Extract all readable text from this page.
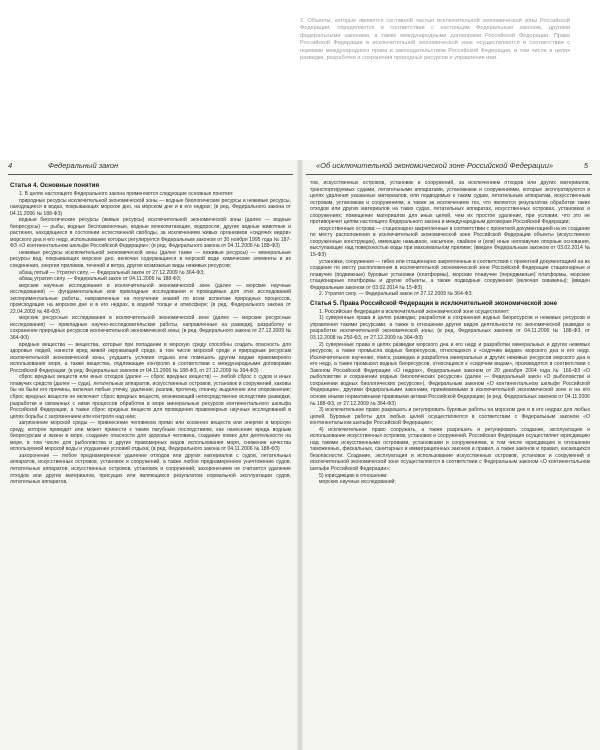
2. Объекты, которые являются составной частью исключительной экономической зоны Российской Федерации, определяются в соответствии с настоящим Федеральным законом, другими федеральными законами, а также международными договорами Российской Федерации. Права Российской Федерации в исключительной экономической зоне осуществляются в соответствии с нормами международного права и законодательством Российской Федерации, в том числе в целях разведки, разработки и сохранения природных ресурсов и управления ими.
4	Федеральный закон
Статья 4. Основные понятия

1. В целях настоящего Федерального закона применяются следующие основные понятия:

природные ресурсы исключительной экономической зоны — водные биологические ресурсы и неживые ресурсы, находящиеся в водах, покрывающих морское дно, на морском дне и в его недрах; (в ред. Федерального закона от 04.11.2006 № 188-ФЗ)

водные биологические ресурсы (живые ресурсы) исключительной экономической зоны (далее — водные биоресурсы) — рыбы, водные беспозвоночные, водные млекопитающие, водоросли, другие водные животные и растения, находящиеся в состоянии естественной свободы, за исключением живых организмов «сидячих видов» морского дна и его недр, использование которых регулируется Федеральным законом от 30 ноября 1995 года № 187-ФЗ «О континентальном шельфе Российской Федерации»; (в ред. Федерального закона от 04.11.2006 № 188-ФЗ)

неживые ресурсы исключительной экономической зоны (далее также — неживые ресурсы) — минеральные ресурсы вод, покрывающих морское дно, включая содержащиеся в морской воде химические элементы и их соединения, энергия приливов, течений и ветра, другие возможные виды неживых ресурсов;

абзац пятый — Утратил силу. — Федеральный закон от 27.12.2009 № 364-ФЗ;

абзац утратил силу. — Федеральный закон от 04.11.2006 № 188-ФЗ;

морские научные исследования в исключительной экономической зоне (далее — морские научные исследования) — фундаментальные или прикладные исследования и проводимые для этих исследований экспериментальные работы, направленные на получение знаний по всем аспектам природных процессов, происходящих на морском дне и в его недрах, в водной толще и атмосфере; (в ред. Федерального закона от 22.04.2003 № 48-ФЗ)

морские ресурсные исследования в исключительной экономической зоне (далее — морские ресурсные исследования) — прикладные научно-исследовательские работы, направленные на разведку, разработку и сохранение природных ресурсов исключительной экономической зоны; (в ред. Федерального закона от 27.12.2009 № 364-ФЗ)

вредные вещества — вещества, которые при попадании в морскую среду способны создать опасность для здоровья людей, нанести вред живой окружающей среде, в том числе морской среде и природным ресурсам исключительной экономической зоны, ухудшить условия отдыха или помешать другим видам правомерного использования моря, а также вещества, подлежащие контролю в соответствии с международными договорами Российской Федерации; (в ред. Федеральных законов от 04.11.2006 № 188-ФЗ, от 27.12.2009 № 364-ФЗ)

сброс вредных веществ или иных отходов (далее — сброс вредных веществ) — любой сброс с судов и иных плавучих средств (далее — суда), летательных аппаратов, искусственных островов, установок и сооружений, каковы бы ни были его причины, включая любые утечку, удаление, разлив, протечку, откачку, выделение или опорожнение; сброс вредных веществ не включает сброс вредных веществ, возникающий непосредственно вследствие разведки, разработки и связанных с ними процессов обработки в море минеральных ресурсов континентального шельфа Российской Федерации, а также сброс вредных веществ для проведения правомерных научных исследований в целях борьбы с загрязнением или контроля над ним;

загрязнение морской среды — привнесение человеком прямо или косвенно веществ или энергии в морскую среду, которое приводит или может привести к таким пагубным последствиям, как нанесение вреда водным биоресурсам и жизни в море, создание опасности для здоровья человека, создание помех для деятельности на море, в том числе для рыболовства и других правомерных видов использования моря, снижение качества используемой морской воды и ухудшение условий отдыха; (в ред. Федерального закона от 04.11.2006 № 188-ФЗ)

захоронение — любое преднамеренное удаление отходов или других материалов с судов, летательных аппаратов, искусственных островов, установок и сооружений, а также любое преднамеренное уничтожение судов, летательных аппаратов, искусственных островов, установок и сооружений; захоронением не считается удаление отходов или других материалов, присущих или являющихся результатом нормальной эксплуатации судов, летательных аппаратов,

«Об исключительной экономической зоне Российской Федерации»	5

тов, искусственных островов, установок и сооружений, за исключением отходов или других материалов, транспортируемых судами, летательными аппаратами, установками и сооружениями, которые эксплуатируются в целях удаления указанных материалов, или подводимых к таким судам, летательным аппаратам, искусственным островам, установкам и сооружениям, а также за исключением тех, что являются результатом обработки таких отходов или других материалов на таких судах, летательных аппаратах, искусственных островах, установках и сооружениях; помещение материалов для иных целей, чем их простое удаление, при условии, что это не противоречит целям настоящего Федерального закона и международным договорам Российской Федерации;

искусственные острова — стационарно закрепленные в соответствии с проектной документацией на их создание по месту расположения в исключительной экономической зоне Российской Федерации объекты (искусственно сооруженные конструкции), имеющие намывное, насыпное, свайное и (или) иные неплавучие опорные основания, выступающие над поверхностью воды при максимальном приливе; (введен Федеральным законом от 03.02.2014 № 15-ФЗ)

установки, сооружения — гибко или стационарно закрепленные в соответствии с проектной документацией на их создание по месту расположения в исключительной экономической зоне Российской Федерации стационарные и плавучие (подвижные) буровые установки (платформы), морские плавучие (передвижные) платформы, морские стационарные платформы и другие объекты, а также подводные сооружения (включая скважины); (введен Федеральным законом от 03.02.2014 № 15-ФЗ)

2. Утратил силу. — Федеральный закон от 27.12.2009 № 364-ФЗ.

Статья 5. Права Российской Федерации в исключительной экономической зоне

1. Российская Федерация в исключительной экономической зоне осуществляет:

1) суверенные права в целях разведки, разработки и сохранения водных биоресурсов и неживых ресурсов и управления такими ресурсами, а также в отношении других видов деятельности по экономической разведке и разработке исключительной экономической зоны; (в ред. Федеральных законов от 04.11.2006 № 188-ФЗ, от 03.12.2008 № 250-ФЗ, от 27.12.2009 № 364-ФЗ)

2) суверенные права в целях разведки морского дна и его недр и разработки минеральных и других неживых ресурсов, а также промысла водных биоресурсов, относящихся к «сидячим видам» морского дна и его недр. Исключительное изучение, поиск, разведка и разработка минеральных и других неживых ресурсов морского дна и его недр, а также промысел водных биоресурсов, относящихся к «сидячим видам», производятся в соответствии с Законом Российской Федерации «О недрах», Федеральным законом от 20 декабря 2004 года № 166-ФЗ «О рыболовстве и сохранении водных биологических ресурсов» (далее — Федеральный закон «О рыболовстве и сохранении водных биологических ресурсов»), Федеральным законом «О континентальном шельфе Российской Федерации», другими федеральными законами, принимаемыми в исключительной экономической зоне и на его основе иными нормативными правовыми актами Российской Федерации; (в ред. Федеральных законов от 04.11.2006 № 188-ФЗ, от 27.12.2009 № 364-ФЗ)

3) исключительное право разрешать и регулировать буровые работы на морском дне и в его недрах для любых целей. Буровые работы для любых целей осуществляются в соответствии с Федеральным законом «О континентальном шельфе Российской Федерации»;

4) исключительное право сооружать, а также разрешать и регулировать создание, эксплуатацию и использование искусственных островов, установок и сооружений. Российская Федерация осуществляет юрисдикцию над такими искусственными островами, установками и сооружениями, в том числе юрисдикцию в отношении таможенных, фискальных, санитарных и иммиграционных законов и правил, а также законов и правил, касающихся безопасности. Создание, эксплуатация и использование искусственных островов, установок и сооружений в исключительной экономической зоне осуществляются в соответствии с Федеральным законом «О континентальном шельфе Российской Федерации»;

5) юрисдикцию в отношении:

морских научных исследований;
